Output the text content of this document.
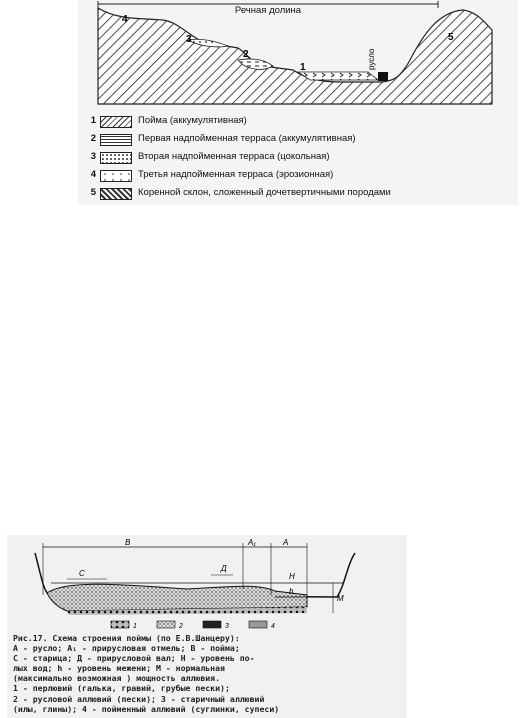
Речная долина
4
3
2
1
5
русло
1	Пойма (аккумулятивная)
2	Первая надпойменная терраса (аккумулятивная)
3	Вторая надпойменная терраса (цокольная)
4	Третья надпойменная терраса (эрозионная)
5	Коренной склон, сложенный дочетвертичными породами
В	А₁	А
С
Д
Н
h
М
1	2	3	4
Рис.17. Схема строения поймы (по Е.В.Шанцеру):
А - русло; А₁ - прирусловая отмель; В - пойма;
С - старица; Д - прирусловой вал; Н - уровень по-
лых вод; h - уровень межени; М - нормальная
(максимально возможная ) мощность аллювия.
1 - перлювий (галька, гравий, грубые пески);
2 - русловой аллювий (пески); 3 - старичный аллювий
(илы, глины); 4 - пойменный аллювий (суглинки, супеси)
